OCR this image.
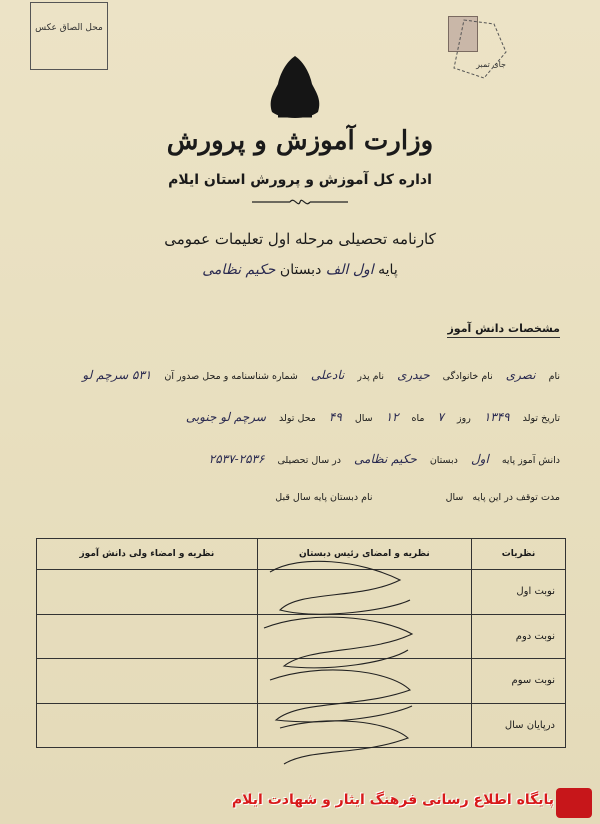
محل الصاق عکس
جای تمبر
وزارت آموزش و پرورش
اداره کل آموزش و پرورش استان ایلام
کارنامه تحصیلی مرحله اول تعلیمات عمومی
پایه اول الف دبستان حکیم نظامی
مشخصات دانش آموز
نام نصری نام خانوادگی حیدری نام پدر نادعلی شماره شناسنامه و محل صدور آن ۵۳۱ سرچم لو
تاریخ تولد ۱۳۴۹ روز ۷ ماه ۱۲ سال ۴۹ محل تولد سرچم لو جنوبی
دانش آموز پایه اول دبستان حکیم نظامی در سال تحصیلی ۲۵۳۶-۲۵۳۷
مدت توقف در این پایه سال نام دبستان پایه سال قبل
نظریات	نظریه و امضای رئیس دبستان	نظریه و امضاء ولی دانش آموز
نوبت اول		
نوبت دوم		
نوبت سوم		
درپایان سال		
پایگاه اطلاع رسانی فرهنگ ایثار و شهادت ایلام
